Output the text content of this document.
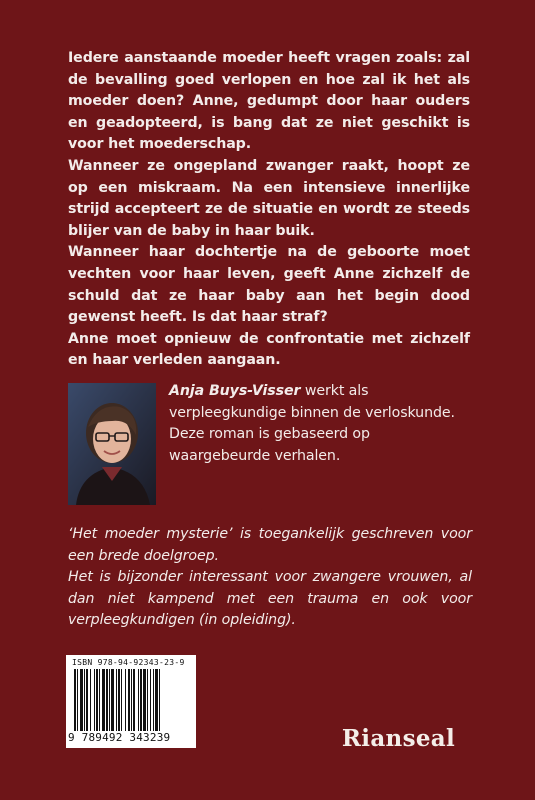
Iedere aanstaande moeder heeft vragen zoals: zal de bevalling goed verlopen en hoe zal ik het als moeder doen? Anne, gedumpt door haar ouders en geadopteerd, is bang dat ze niet geschikt is voor het moederschap.

Wanneer ze ongepland zwanger raakt, hoopt ze op een miskraam. Na een intensieve innerlijke strijd accepteert ze de situatie en wordt ze steeds blijer van de baby in haar buik.

Wanneer haar dochtertje na de geboorte moet vechten voor haar leven, geeft Anne zichzelf de schuld dat ze haar baby aan het begin dood gewenst heeft. Is dat haar straf?

Anne moet opnieuw de confrontatie met zichzelf en haar verleden aangaan.

Anja Buys-Visser werkt als verpleegkundige binnen de verloskunde.

Deze roman is gebaseerd op waargebeurde verhalen.

‘Het moeder mysterie’ is toegankelijk geschreven voor een brede doelgroep.

Het is bijzonder interessant voor zwangere vrouwen, al dan niet kampend met een trauma en ook voor verpleegkundigen (in opleiding).

ISBN 978-94-92343-23-9
9 789492 343239	Rianseal
